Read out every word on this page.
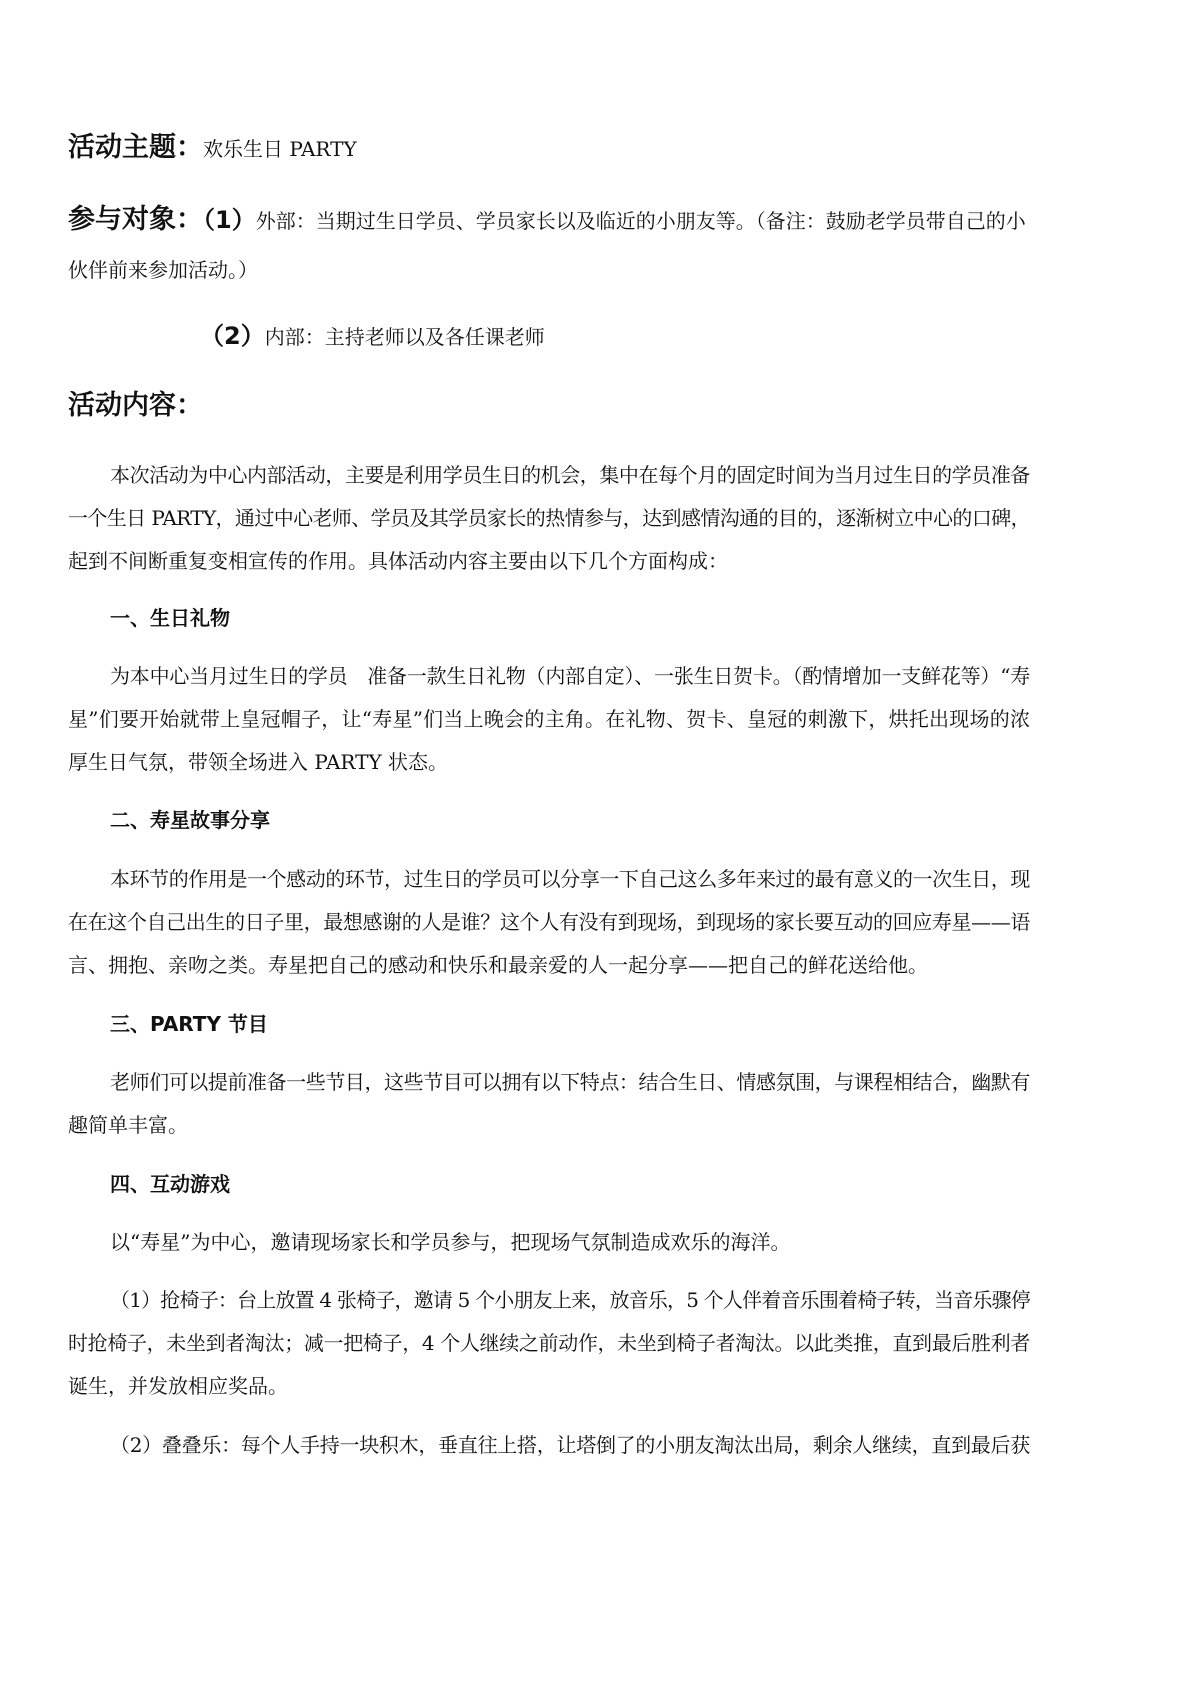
活动主题：欢乐生日 PARTY
参与对象：（1）外部：当期过生日学员、学员家长以及临近的小朋友等。（备注：鼓励老学员带自己的小
伙伴前来参加活动。）
（2）内部：主持老师以及各任课老师
活动内容：
本次活动为中心内部活动，主要是利用学员生日的机会，集中在每个月的固定时间为当月过生日的学员准备
一个生日 PARTY，通过中心老师、学员及其学员家长的热情参与，达到感情沟通的目的，逐渐树立中心的口碑，
起到不间断重复变相宣传的作用。具体活动内容主要由以下几个方面构成：
一、生日礼物
为本中心当月过生日的学员　准备一款生日礼物（内部自定）、一张生日贺卡。（酌情增加一支鲜花等）“寿
星”们要开始就带上皇冠帽子，让“寿星”们当上晚会的主角。在礼物、贺卡、皇冠的刺激下，烘托出现场的浓
厚生日气氛，带领全场进入 PARTY 状态。
二、寿星故事分享
本环节的作用是一个感动的环节，过生日的学员可以分享一下自己这么多年来过的最有意义的一次生日，现
在在这个自己出生的日子里，最想感谢的人是谁？这个人有没有到现场，到现场的家长要互动的回应寿星——语
言、拥抱、亲吻之类。寿星把自己的感动和快乐和最亲爱的人一起分享——把自己的鲜花送给他。
三、PARTY 节目
老师们可以提前准备一些节目，这些节目可以拥有以下特点：结合生日、情感氛围，与课程相结合，幽默有
趣简单丰富。
四、互动游戏
以“寿星”为中心，邀请现场家长和学员参与，把现场气氛制造成欢乐的海洋。
（1）抢椅子：台上放置 4 张椅子，邀请 5 个小朋友上来，放音乐，5 个人伴着音乐围着椅子转，当音乐骤停
时抢椅子，未坐到者淘汰；减一把椅子，4 个人继续之前动作，未坐到椅子者淘汰。以此类推，直到最后胜利者
诞生，并发放相应奖品。
（2）叠叠乐：每个人手持一块积木，垂直往上搭，让塔倒了的小朋友淘汰出局，剩余人继续，直到最后获
